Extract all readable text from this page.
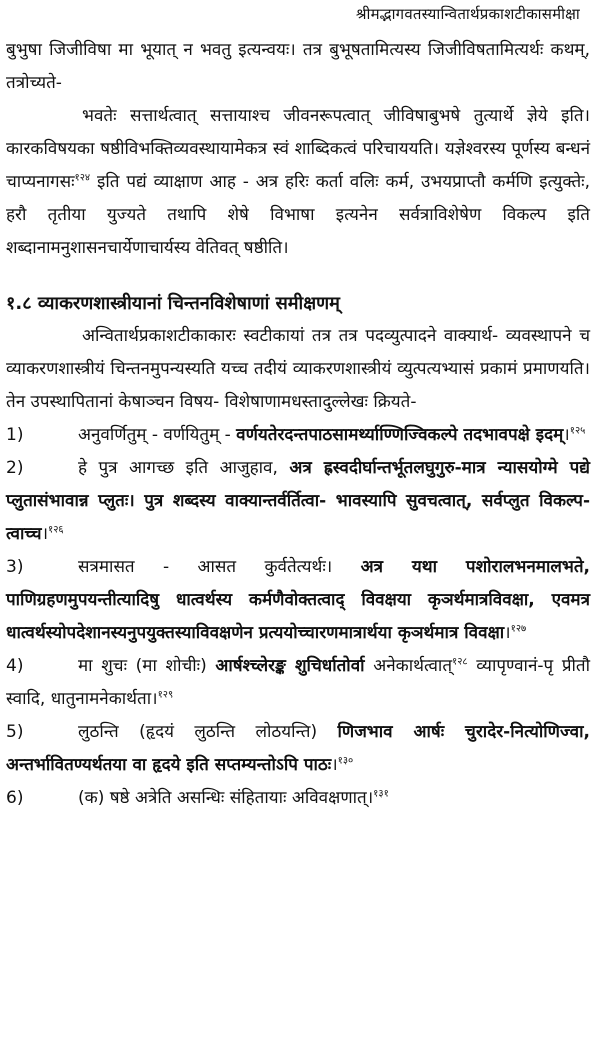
श्रीमद्भागवतस्यान्वितार्थप्रकाशटीकासमीक्षा

बुभुषा जिजीविषा मा भूयात् न भवतु इत्यन्वयः। तत्र बुभूषतामित्यस्य जिजीविषतामित्यर्थः कथम्, तत्रोच्यते-

भवतेः सत्तार्थत्वात् सत्तायाश्च जीवनरूपत्वात् जीविषाबुभषे तुत्यार्थे ज्ञेये इति। कारकविषयका षष्ठीविभक्तिव्यवस्थायामेकत्र स्वं शाब्दिकत्वं परिचाययति। यज्ञेश्वरस्य पूर्णस्य बन्धनं चाप्यनागसः$^{१२४}$ इति पद्यं व्याक्षाण आह - अत्र हरिः कर्ता वलिः कर्म, उभयप्राप्तौ कर्मणि इत्युक्तेः, हरौ तृतीया युज्यते तथापि शेषे विभाषा इत्यनेन सर्वत्राविशेषेण विकल्प इति शब्दानामनुशासनचार्येणाचार्यस्य वेतिवत् षष्ठीति।

१.८ व्याकरणशास्त्रीयानां चिन्तनविशेषाणां समीक्षणम्

अन्वितार्थप्रकाशटीकाकारः स्वटीकायां तत्र तत्र पदव्युत्पादने वाक्यार्थ- व्यवस्थापने च व्याकरणशास्त्रीयं चिन्तनमुपन्यस्यति यच्च तदीयं व्याकरणशास्त्रीयं व्युत्पत्यभ्यासं प्रकामं प्रमाणयति। तेन उपस्थापितानां केषाञ्चन विषय- विशेषाणामधस्तादुल्लेखः क्रियते-

1)	अनुवर्णितुम् - वर्णयितुम् - वर्णयतेरदन्तपाठसामर्थ्याण्णिज्विकल्पे तदभावपक्षे इदम्।$^{१२५}$

2)	हे पुत्र आगच्छ इति आजुहाव, अत्र ह्रस्वदीर्घान्तर्भूतलघुगुरु-मात्र न्यासयोग्मे पद्ये प्लुतासंभावान्न प्लुतः। पुत्र शब्दस्य वाक्यान्तर्वर्तित्वा- भावस्यापि सुवचत्वात्, सर्वप्लुत विकल्प-त्वाच्च।$^{१२६}$

3)	सत्रमासत - आसत कुर्वतेत्यर्थः। अत्र यथा पशोरालभनमालभते, पाणिग्रहणमुपयन्तीत्यादिषु धात्वर्थस्य कर्मणैवोक्तत्वाद् विवक्षया कृञर्थमात्रविवक्षा, एवमत्र धात्वर्थस्योपदेशानस्यनुपयुक्तस्याविवक्षणेन प्रत्ययोच्चारणमात्रार्थया कृञर्थमात्र विवक्षा।$^{१२७}$

4)	मा शुचः (मा शोचीः) आर्षश्च्लेरङ्क शुचिर्धातोर्वा अनेकार्थत्वात्$^{१२८}$ व्यापृण्वानं-पृ प्रीतौ स्वादि, धातुनामनेकार्थता।$^{१२९}$

5)	लुठन्ति (हृदयं लुठन्ति लोठयन्ति) णिजभाव आर्षः चुरादेर-नित्योणिज्वा, अन्तर्भावितण्यर्थतया वा हृदये इति सप्तम्यन्तोऽपि पाठः।$^{१३०}$

6)	(क) षष्ठे अत्रेति असन्धिः संहितायाः अविवक्षणात्।$^{१३१}$
